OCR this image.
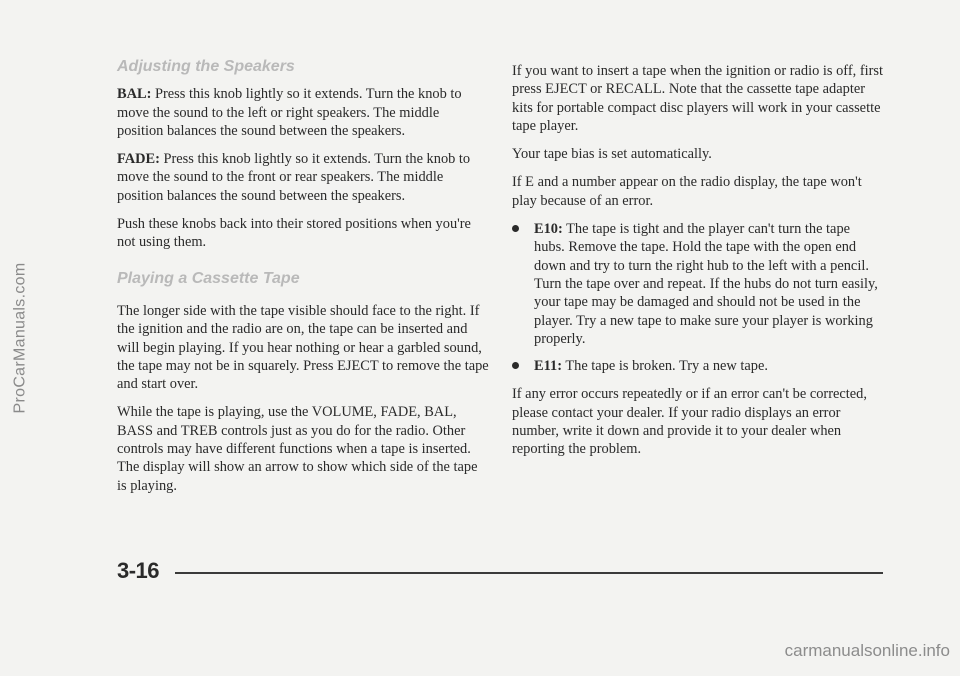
ProCarManuals.com
Adjusting the Speakers

BAL: Press this knob lightly so it extends. Turn the knob to move the sound to the left or right speakers. The middle position balances the sound between the speakers.

FADE: Press this knob lightly so it extends. Turn the knob to move the sound to the front or rear speakers. The middle position balances the sound between the speakers.

Push these knobs back into their stored positions when you're not using them.

Playing a Cassette Tape

The longer side with the tape visible should face to the right. If the ignition and the radio are on, the tape can be inserted and will begin playing. If you hear nothing or hear a garbled sound, the tape may not be in squarely. Press EJECT to remove the tape and start over.

While the tape is playing, use the VOLUME, FADE, BAL, BASS and TREB controls just as you do for the radio. Other controls may have different functions when a tape is inserted. The display will show an arrow to show which side of the tape is playing.

If you want to insert a tape when the ignition or radio is off, first press EJECT or RECALL. Note that the cassette tape adapter kits for portable compact disc players will work in your cassette tape player.

Your tape bias is set automatically.

If E and a number appear on the radio display, the tape won't play because of an error.

E10: The tape is tight and the player can't turn the tape hubs. Remove the tape. Hold the tape with the open end down and try to turn the right hub to the left with a pencil. Turn the tape over and repeat. If the hubs do not turn easily, your tape may be damaged and should not be used in the player. Try a new tape to make sure your player is working properly.
E11: The tape is broken. Try a new tape.

If any error occurs repeatedly or if an error can't be corrected, please contact your dealer. If your radio displays an error number, write it down and provide it to your dealer when reporting the problem.

3-16
carmanualsonline.info
